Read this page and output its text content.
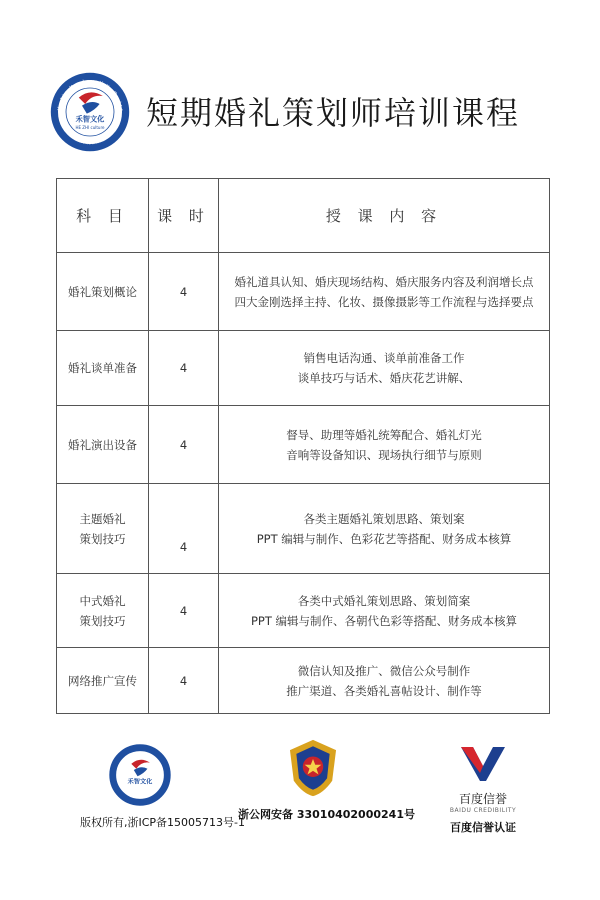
Heshi cultural creativity Co.,Ltd
禾智主持策划培训机构
禾智文化
HE ZHI culture 短期婚礼策划师培训课程
科 目	课 时	授 课 内 容

婚礼策划概论	4	婚礼道具认知、婚庆现场结构、婚庆服务内容及利润增长点
四大金刚选择主持、化妆、摄像摄影等工作流程与选择要点

婚礼谈单准备	4	销售电话沟通、谈单前准备工作
谈单技巧与话术、婚庆花艺讲解、

婚礼演出设备	4	督导、助理等婚礼统筹配合、婚礼灯光
音响等设备知识、现场执行细节与原则

主题婚礼
策划技巧	4	各类主题婚礼策划思路、策划案
PPT 编辑与制作、色彩花艺等搭配、财务成本核算

中式婚礼
策划技巧	4	各类中式婚礼策划思路、策划简案
PPT 编辑与制作、各朝代色彩等搭配、财务成本核算

网络推广宣传	4	微信认知及推广、微信公众号制作
推广渠道、各类婚礼喜帖设计、制作等
禾智文化
版权所有,浙ICP备15005713号-1
浙公网安备 33010402000241号
百度信誉
BAIDU CREDIBILITY
百度信誉认证
